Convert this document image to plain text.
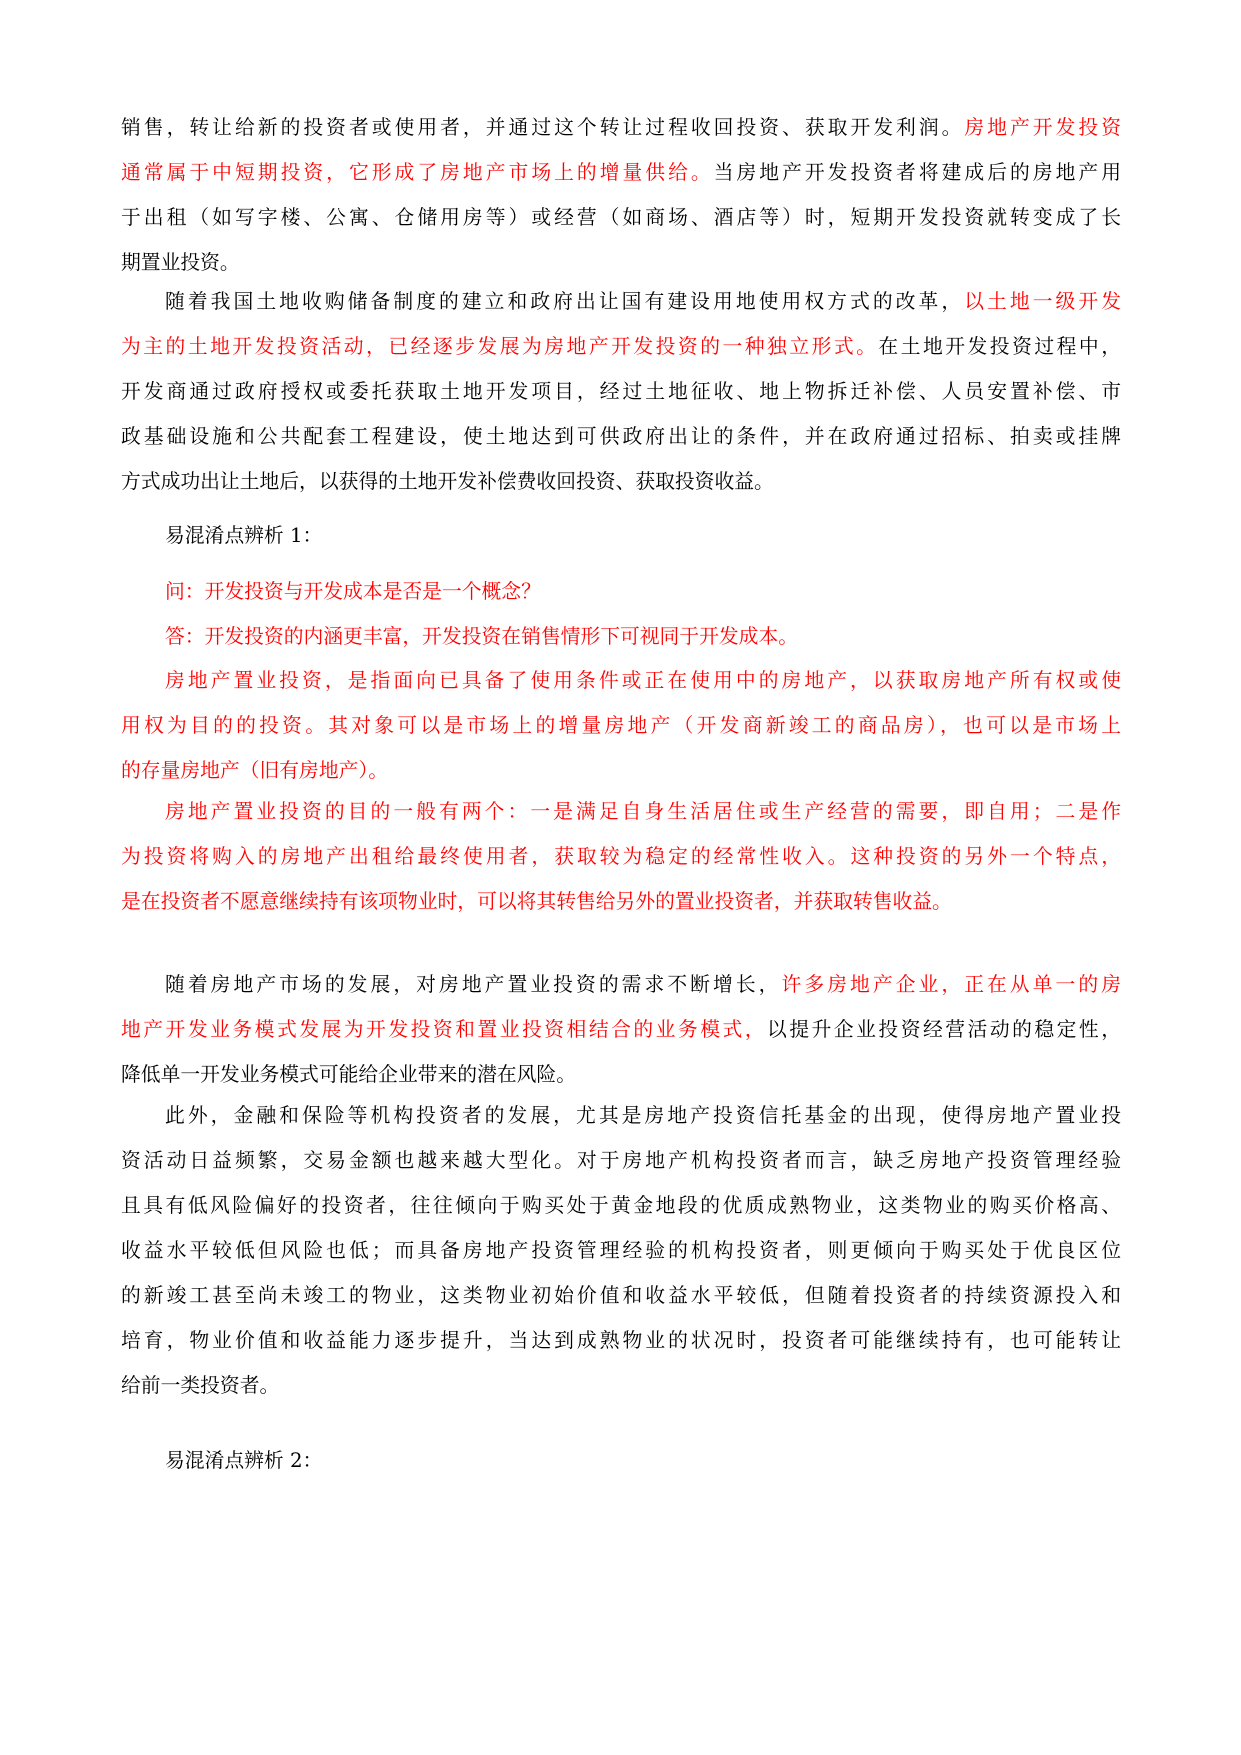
销售，转让给新的投资者或使用者，并通过这个转让过程收回投资、获取开发利润。房地产开发投资
通常属于中短期投资，它形成了房地产市场上的增量供给。当房地产开发投资者将建成后的房地产用
于出租（如写字楼、公寓、仓储用房等）或经营（如商场、酒店等）时，短期开发投资就转变成了长
期置业投资。
随着我国土地收购储备制度的建立和政府出让国有建设用地使用权方式的改革，以土地一级开发
为主的土地开发投资活动，已经逐步发展为房地产开发投资的一种独立形式。在土地开发投资过程中，
开发商通过政府授权或委托获取土地开发项目，经过土地征收、地上物拆迁补偿、人员安置补偿、市
政基础设施和公共配套工程建设，使土地达到可供政府出让的条件，并在政府通过招标、拍卖或挂牌
方式成功出让土地后，以获得的土地开发补偿费收回投资、获取投资收益。

易混淆点辨析 1：

问：开发投资与开发成本是否是一个概念？

答：开发投资的内涵更丰富，开发投资在销售情形下可视同于开发成本。

房地产置业投资，是指面向已具备了使用条件或正在使用中的房地产，以获取房地产所有权或使
用权为目的的投资。其对象可以是市场上的增量房地产（开发商新竣工的商品房），也可以是市场上
的存量房地产（旧有房地产）。
房地产置业投资的目的一般有两个：一是满足自身生活居住或生产经营的需要，即自用；二是作
为投资将购入的房地产出租给最终使用者，获取较为稳定的经常性收入。这种投资的另外一个特点，
是在投资者不愿意继续持有该项物业时，可以将其转售给另外的置业投资者，并获取转售收益。
随着房地产市场的发展，对房地产置业投资的需求不断增长，许多房地产企业，正在从单一的房
地产开发业务模式发展为开发投资和置业投资相结合的业务模式，以提升企业投资经营活动的稳定性，
降低单一开发业务模式可能给企业带来的潜在风险。
此外，金融和保险等机构投资者的发展，尤其是房地产投资信托基金的出现，使得房地产置业投
资活动日益频繁，交易金额也越来越大型化。对于房地产机构投资者而言，缺乏房地产投资管理经验
且具有低风险偏好的投资者，往往倾向于购买处于黄金地段的优质成熟物业，这类物业的购买价格高、
收益水平较低但风险也低；而具备房地产投资管理经验的机构投资者，则更倾向于购买处于优良区位
的新竣工甚至尚未竣工的物业，这类物业初始价值和收益水平较低，但随着投资者的持续资源投入和
培育，物业价值和收益能力逐步提升，当达到成熟物业的状况时，投资者可能继续持有，也可能转让
给前一类投资者。

易混淆点辨析 2：
